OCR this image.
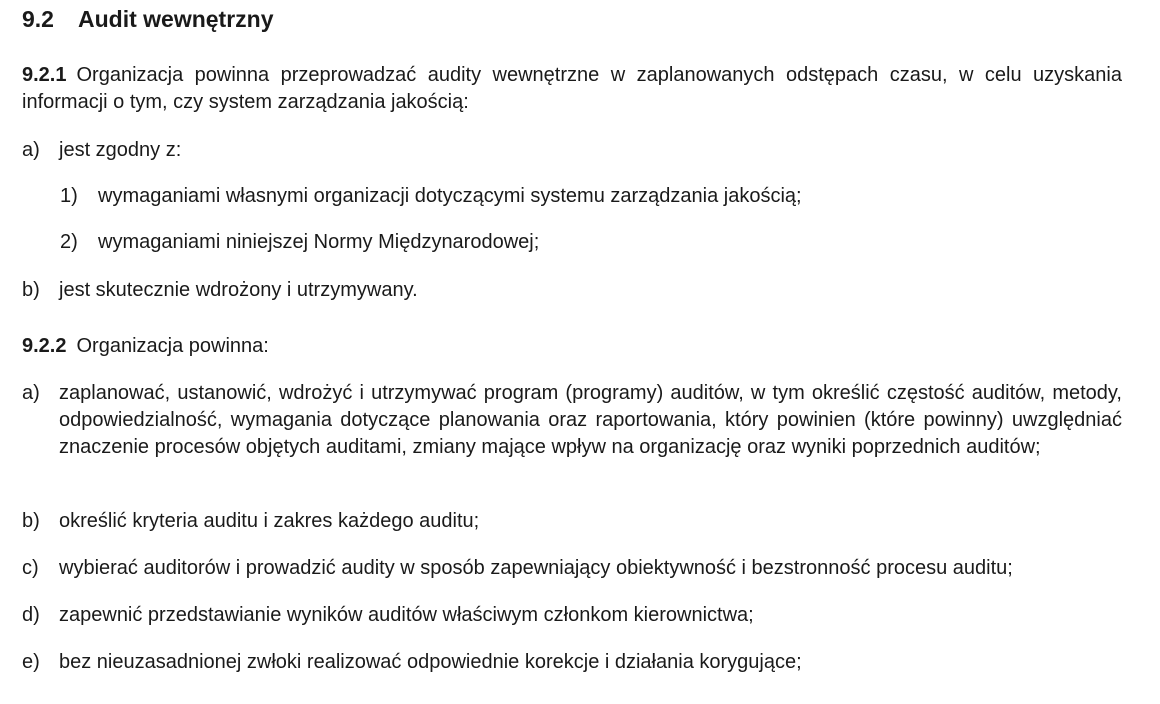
9.2 Audit wewnętrzny
9.2.1 Organizacja powinna przeprowadzać audity wewnętrzne w zaplanowanych odstępach czasu, w celu uzyskania informacji o tym, czy system zarządzania jakością:
a) jest zgodny z:
1) wymaganiami własnymi organizacji dotyczącymi systemu zarządzania jakością;
2) wymaganiami niniejszej Normy Międzynarodowej;
b) jest skutecznie wdrożony i utrzymywany.
9.2.2 Organizacja powinna:
a) zaplanować, ustanowić, wdrożyć i utrzymywać program (programy) auditów, w tym określić częstość auditów, metody, odpowiedzialność, wymagania dotyczące planowania oraz raportowania, który powinien (które powinny) uwzględniać znaczenie procesów objętych auditami, zmiany mające wpływ na organizację oraz wyniki poprzednich auditów;
b) określić kryteria auditu i zakres każdego auditu;
c) wybierać auditorów i prowadzić audity w sposób zapewniający obiektywność i bezstronność procesu auditu;
d) zapewnić przedstawianie wyników auditów właściwym członkom kierownictwa;
e) bez nieuzasadnionej zwłoki realizować odpowiednie korekcje i działania korygujące;
